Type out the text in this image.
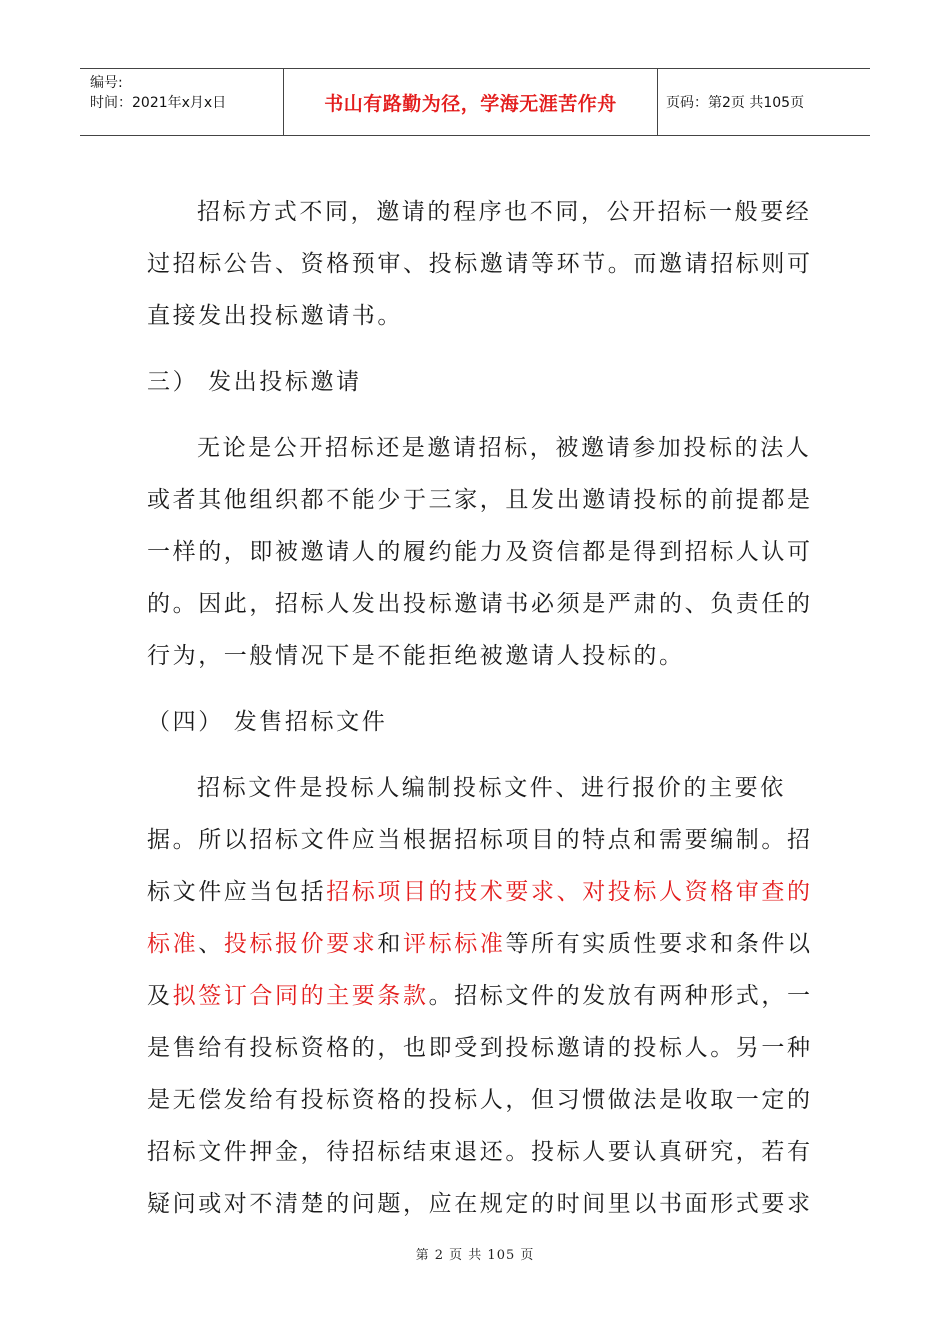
编号:
时间：2021年x月x日	书山有路勤为径，学海无涯苦作舟	页码：第2页 共105页
招标方式不同，邀请的程序也不同，公开招标一般要经
过招标公告、资格预审、投标邀请等环节。而邀请招标则可
直接发出投标邀请书。
三） 发出投标邀请
无论是公开招标还是邀请招标，被邀请参加投标的法人
或者其他组织都不能少于三家，且发出邀请投标的前提都是
一样的，即被邀请人的履约能力及资信都是得到招标人认可
的。因此，招标人发出投标邀请书必须是严肃的、负责任的
行为，一般情况下是不能拒绝被邀请人投标的。
（四） 发售招标文件
招标文件是投标人编制投标文件、进行报价的主要依
据。所以招标文件应当根据招标项目的特点和需要编制。招
标文件应当包括招标项目的技术要求、对投标人资格审查的
标准、投标报价要求和评标标准等所有实质性要求和条件以
及拟签订合同的主要条款。招标文件的发放有两种形式，一
是售给有投标资格的，也即受到投标邀请的投标人。另一种
是无偿发给有投标资格的投标人，但习惯做法是收取一定的
招标文件押金，待招标结束退还。投标人要认真研究，若有
疑问或对不清楚的问题，应在规定的时间里以书面形式要求
第 2 页 共 105 页
